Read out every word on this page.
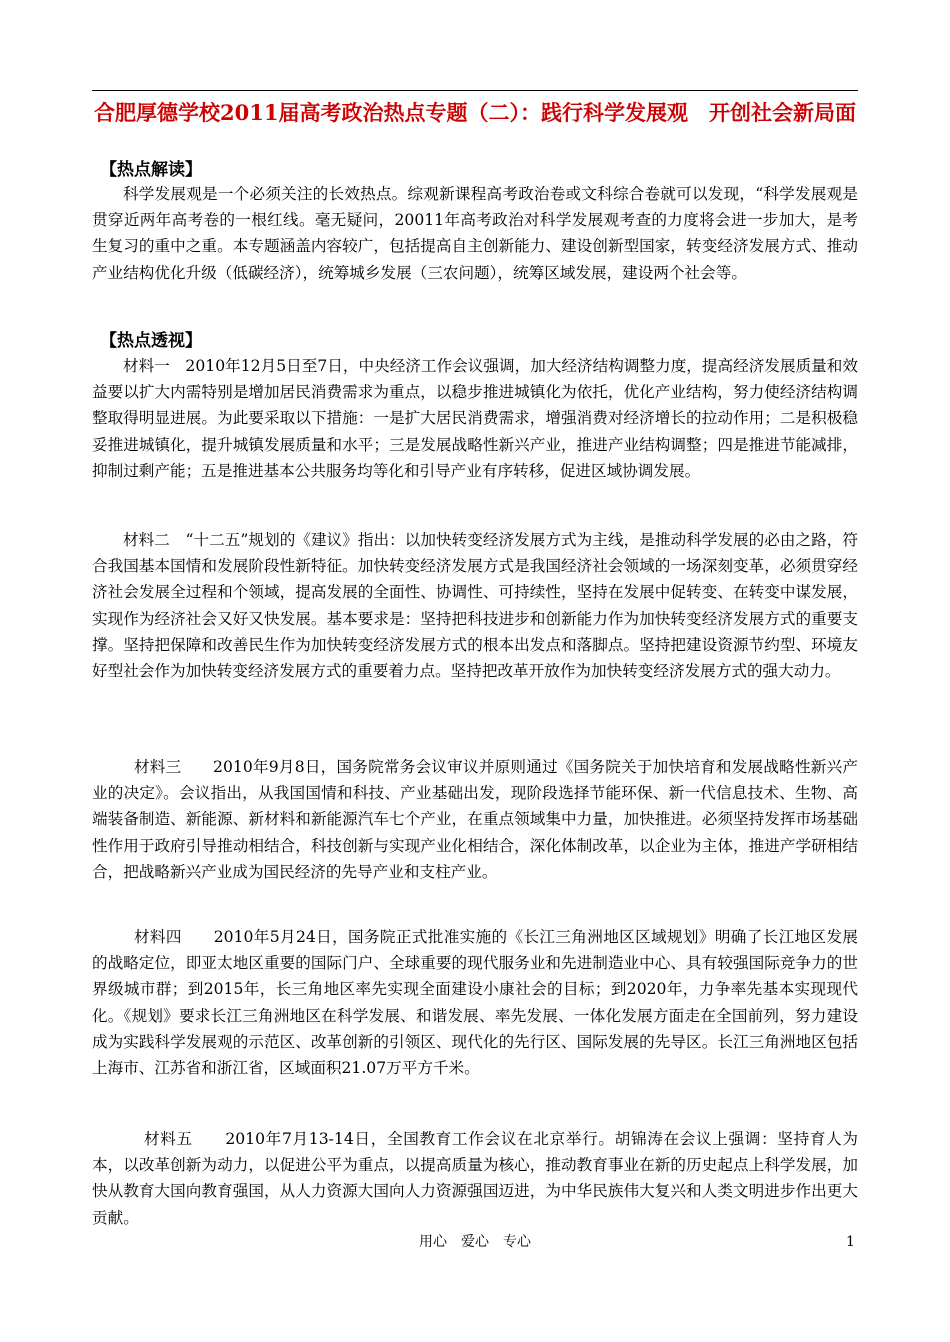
合肥厚德学校2011届高考政治热点专题（二）：践行科学发展观　开创社会新局面
【热点解读】

科学发展观是一个必须关注的长效热点。综观新课程高考政治卷或文科综合卷就可以发现，“科学发展观是贯穿近两年高考卷的一根红线。毫无疑问，20011年高考政治对科学发展观考查的力度将会进一步加大，是考生复习的重中之重。本专题涵盖内容较广，包括提高自主创新能力、建设创新型国家，转变经济发展方式、推动产业结构优化升级（低碳经济），统筹城乡发展（三农问题），统筹区域发展，建设两个社会等。

【热点透视】

材料一　2010年12月5日至7日，中央经济工作会议强调，加大经济结构调整力度，提高经济发展质量和效益要以扩大内需特别是增加居民消费需求为重点，以稳步推进城镇化为依托，优化产业结构，努力使经济结构调整取得明显进展。为此要采取以下措施：一是扩大居民消费需求，增强消费对经济增长的拉动作用；二是积极稳妥推进城镇化，提升城镇发展质量和水平；三是发展战略性新兴产业，推进产业结构调整；四是推进节能减排，抑制过剩产能；五是推进基本公共服务均等化和引导产业有序转移，促进区域协调发展。

材料二　“十二五”规划的《建议》指出：以加快转变经济发展方式为主线，是推动科学发展的必由之路，符合我国基本国情和发展阶段性新特征。加快转变经济发展方式是我国经济社会领域的一场深刻变革，必须贯穿经济社会发展全过程和个领域，提高发展的全面性、协调性、可持续性，坚持在发展中促转变、在转变中谋发展，实现作为经济社会又好又快发展。基本要求是：坚持把科技进步和创新能力作为加快转变经济发展方式的重要支撑。坚持把保障和改善民生作为加快转变经济发展方式的根本出发点和落脚点。坚持把建设资源节约型、环境友好型社会作为加快转变经济发展方式的重要着力点。坚持把改革开放作为加快转变经济发展方式的强大动力。

材料三　　2010年9月8日，国务院常务会议审议并原则通过《国务院关于加快培育和发展战略性新兴产业的决定》。会议指出，从我国国情和科技、产业基础出发，现阶段选择节能环保、新一代信息技术、生物、高端装备制造、新能源、新材料和新能源汽车七个产业，在重点领域集中力量，加快推进。必须坚持发挥市场基础性作用于政府引导推动相结合，科技创新与实现产业化相结合，深化体制改革，以企业为主体，推进产学研相结合，把战略新兴产业成为国民经济的先导产业和支柱产业。

材料四　　2010年5月24日，国务院正式批准实施的《长江三角洲地区区域规划》明确了长江地区发展的战略定位，即亚太地区重要的国际门户、全球重要的现代服务业和先进制造业中心、具有较强国际竞争力的世界级城市群；到2015年，长三角地区率先实现全面建设小康社会的目标；到2020年，力争率先基本实现现代化。《规划》要求长江三角洲地区在科学发展、和谐发展、率先发展、一体化发展方面走在全国前列，努力建设成为实践科学发展观的示范区、改革创新的引领区、现代化的先行区、国际发展的先导区。长江三角洲地区包括上海市、江苏省和浙江省，区域面积21.07万平方千米。

材料五　　2010年7月13-14日，全国教育工作会议在北京举行。胡锦涛在会议上强调：坚持育人为本，以改革创新为动力，以促进公平为重点，以提高质量为核心，推动教育事业在新的历史起点上科学发展，加快从教育大国向教育强国，从人力资源大国向人力资源强国迈进，为中华民族伟大复兴和人类文明进步作出更大贡献。

用心　爱心　专心	1
